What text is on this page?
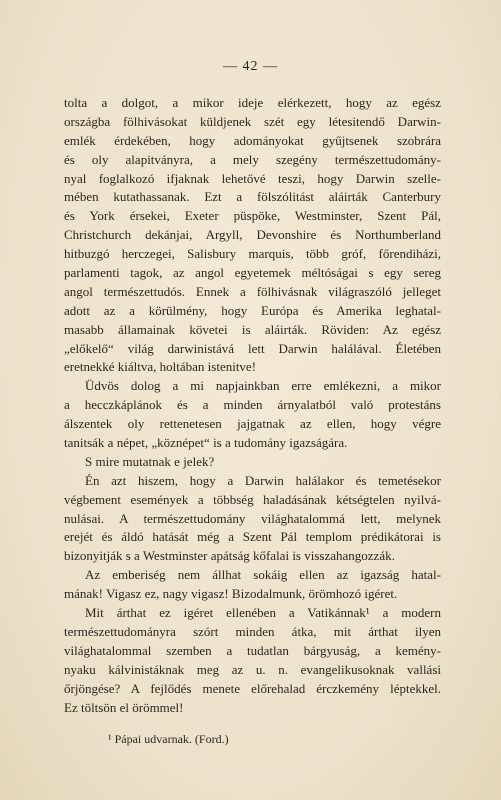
— 42 —
tolta a dolgot, a mikor ideje elérkezett, hogy az egész
országba fölhivásokat küldjenek szét egy létesitendő Darwin-
emlék érdekében, hogy adományokat gyűjtsenek szobrára
és oly alapitványra, a mely szegény természettudomány-
nyal foglalkozó ifjaknak lehetővé teszi, hogy Darwin szelle-
mében kutathassanak. Ezt a fölszólitást aláirták Canterbury
és York érsekei, Exeter püspöke, Westminster, Szent Pál,
Christchurch dekánjai, Argyll, Devonshire és Northumberland
hitbuzgó herczegei, Salisbury marquis, több gróf, főrendiházi,
parlamenti tagok, az angol egyetemek méltóságai s egy sereg
angol természettudós. Ennek a fölhivásnak világraszóló jelleget
adott az a körülmény, hogy Európa és Amerika leghatal-
masabb államainak követei is aláirták. Röviden: Az egész
„előkelő“ világ darwinistává lett Darwin halálával. Életében
eretnekké kiáltva, holtában istenitve!
Üdvös dolog a mi napjainkban erre emlékezni, a mikor
a hecczkáplánok és a minden árnyalatból való protestáns
álszentek oly rettenetesen jajgatnak az ellen, hogy végre
tanitsák a népet, „köznépet“ is a tudomány igazságára.
S mire mutatnak e jelek?
Én azt hiszem, hogy a Darwin halálakor és temetésekor
végbement események a többség haladásának kétségtelen nyilvá-
nulásai. A természettudomány világhatalommá lett, melynek
erejét és áldó hatását még a Szent Pál templom prédikátorai is
bizonyitják s a Westminster apátság kőfalai is visszahangozzák.
Az emberiség nem állhat sokáig ellen az igazság hatal-
mának! Vigasz ez, nagy vigasz! Bizodalmunk, örömhozó igéret.
Mit árthat ez igéret ellenében a Vatikánnak¹ a modern
természettudományra szórt minden átka, mit árthat ilyen
világhatalommal szemben a tudatlan bárgyuság, a kemény-
nyaku kálvinistáknak meg az u. n. evangelikusoknak vallási
őrjöngése? A fejlődés menete előrehalad érczkemény léptekkel.
Ez töltsön el örömmel!
¹ Pápai udvarnak. (Ford.)
